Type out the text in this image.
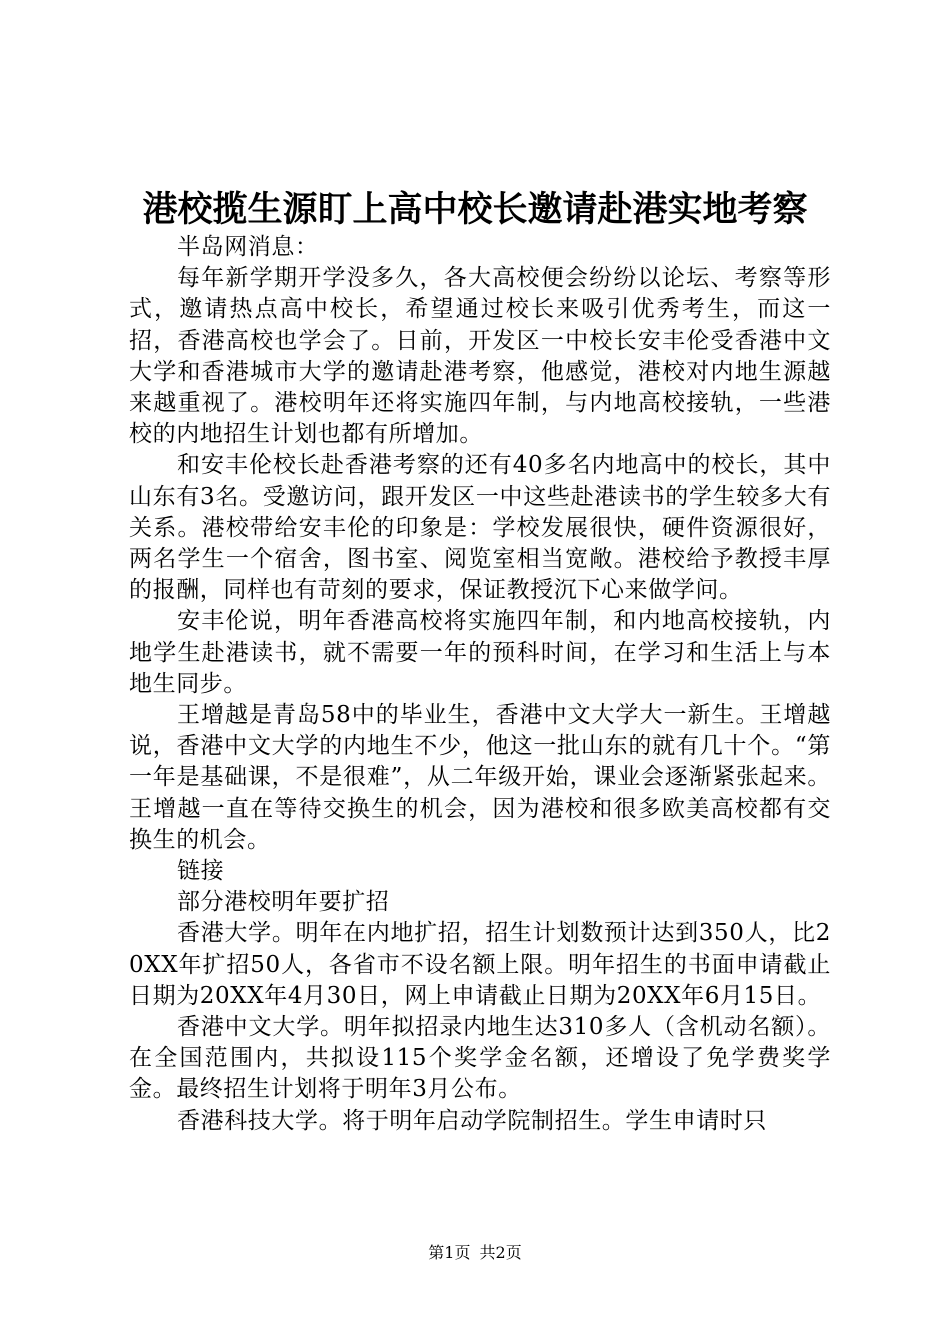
港校揽生源盯上高中校长邀请赴港实地考察

半岛网消息：

每年新学期开学没多久，各大高校便会纷纷以论坛、考察等形式，邀请热点高中校长，希望通过校长来吸引优秀考生，而这一招，香港高校也学会了。日前，开发区一中校长安丰伦受香港中文大学和香港城市大学的邀请赴港考察，他感觉，港校对内地生源越来越重视了。港校明年还将实施四年制，与内地高校接轨，一些港校的内地招生计划也都有所增加。

和安丰伦校长赴香港考察的还有40多名内地高中的校长，其中山东有3名。受邀访问，跟开发区一中这些赴港读书的学生较多大有关系。港校带给安丰伦的印象是：学校发展很快，硬件资源很好，两名学生一个宿舍，图书室、阅览室相当宽敞。港校给予教授丰厚的报酬，同样也有苛刻的要求，保证教授沉下心来做学问。

安丰伦说，明年香港高校将实施四年制，和内地高校接轨，内地学生赴港读书，就不需要一年的预科时间，在学习和生活上与本地生同步。

王增越是青岛58中的毕业生，香港中文大学大一新生。王增越说，香港中文大学的内地生不少，他这一批山东的就有几十个。“第一年是基础课，不是很难”，从二年级开始，课业会逐渐紧张起来。王增越一直在等待交换生的机会，因为港校和很多欧美高校都有交换生的机会。

链接

部分港校明年要扩招

香港大学。明年在内地扩招，招生计划数预计达到350人，比20XX年扩招50人，各省市不设名额上限。明年招生的书面申请截止日期为20XX年4月30日，网上申请截止日期为20XX年6月15日。

香港中文大学。明年拟招录内地生达310多人（含机动名额）。在全国范围内，共拟设115个奖学金名额，还增设了免学费奖学金。最终招生计划将于明年3月公布。

香港科技大学。将于明年启动学院制招生。学生申请时只

第1页 共2页
